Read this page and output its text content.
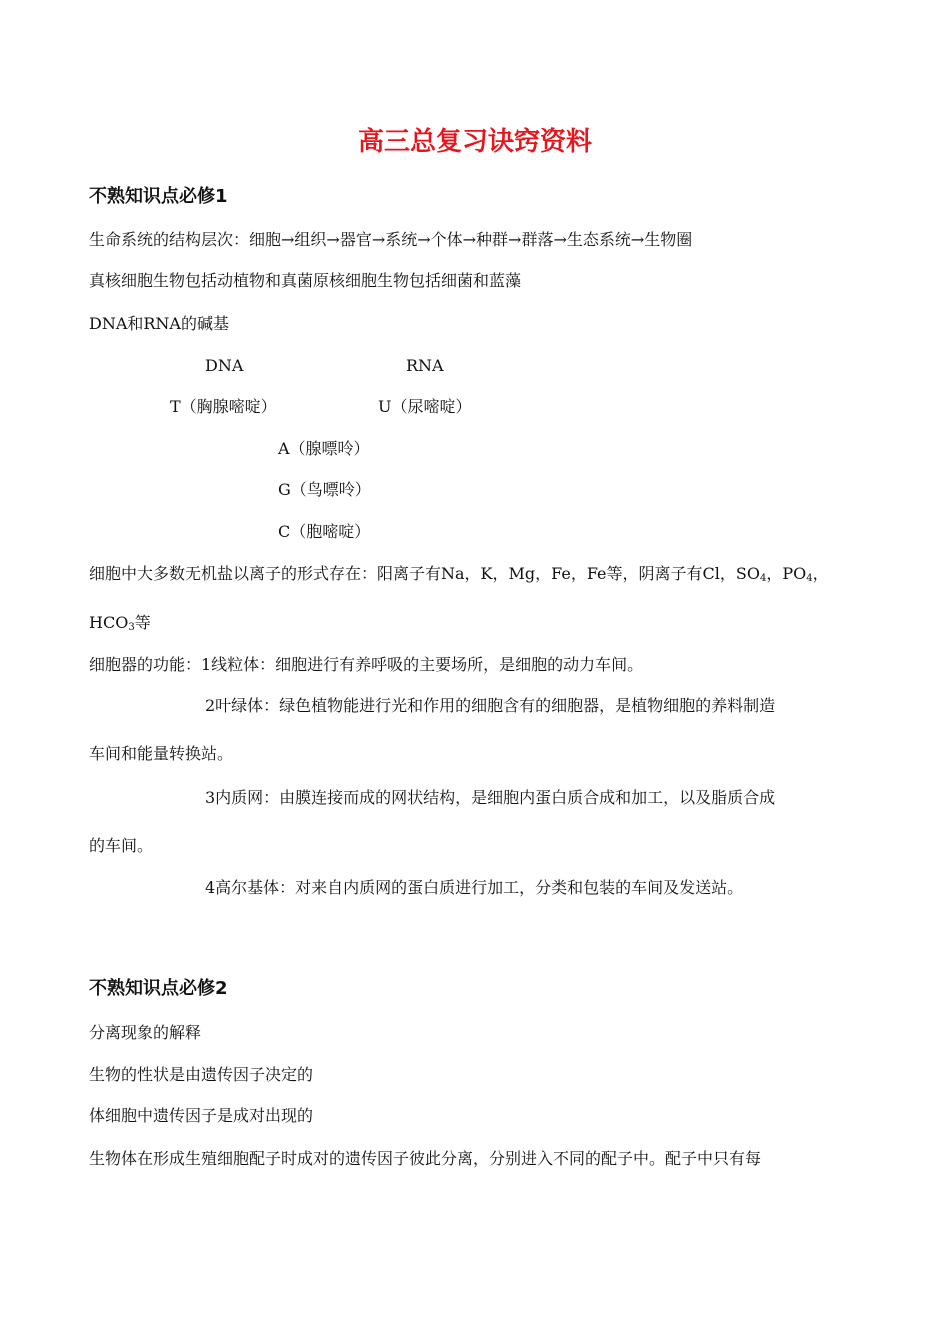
高三总复习诀窍资料
不熟知识点必修1
生命系统的结构层次：细胞→组织→器官→系统→个体→种群→群落→生态系统→生物圈
真核细胞生物包括动植物和真菌原核细胞生物包括细菌和蓝藻
DNA和RNA的碱基
DNA	RNA
T（胸腺嘧啶）	U（尿嘧啶）
A（腺嘌呤）
G（鸟嘌呤）
C（胞嘧啶）
细胞中大多数无机盐以离子的形式存在：阳离子有Na，K，Mg，Fe，Fe等，阴离子有Cl，$SO_4$，$PO_4$，
$HCO_3$等
细胞器的功能：1线粒体：细胞进行有养呼吸的主要场所，是细胞的动力车间。
2叶绿体：绿色植物能进行光和作用的细胞含有的细胞器，是植物细胞的养料制造
车间和能量转换站。
3内质网：由膜连接而成的网状结构，是细胞内蛋白质合成和加工，以及脂质合成
的车间。
4高尔基体：对来自内质网的蛋白质进行加工，分类和包装的车间及发送站。
不熟知识点必修2
分离现象的解释
生物的性状是由遗传因子决定的
体细胞中遗传因子是成对出现的
生物体在形成生殖细胞配子时成对的遗传因子彼此分离，分别进入不同的配子中。配子中只有每
